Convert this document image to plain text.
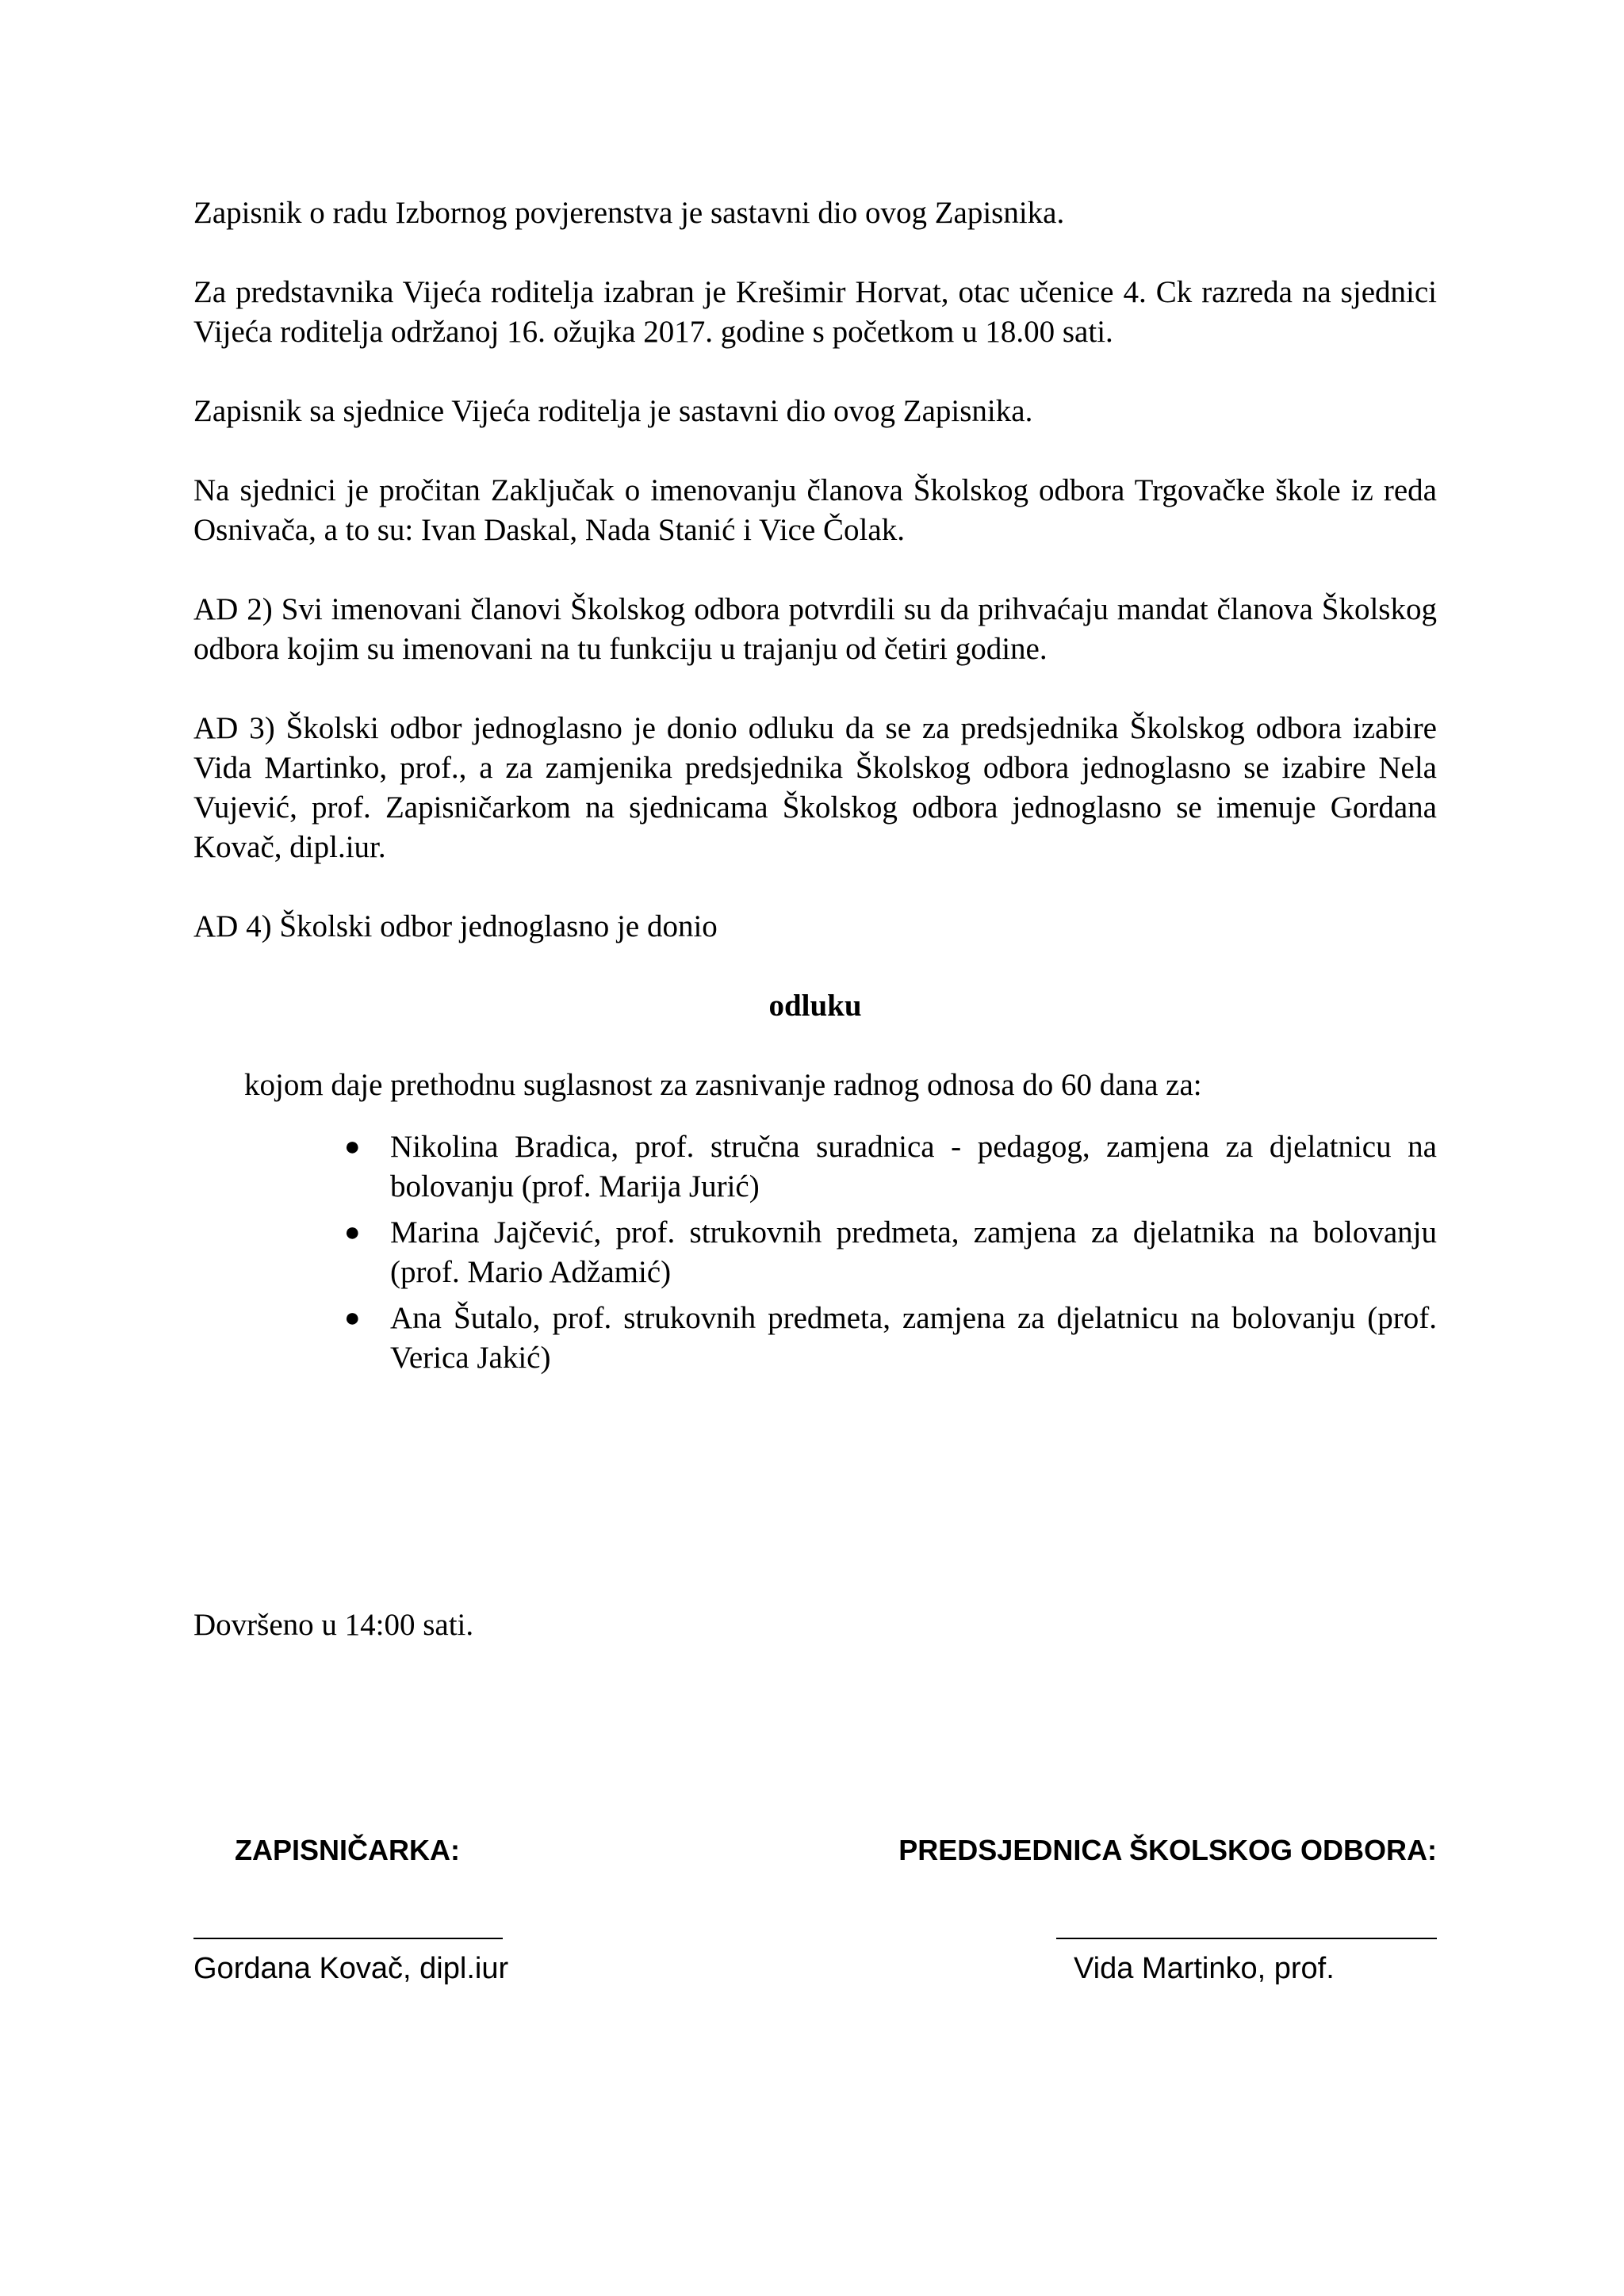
Zapisnik o radu Izbornog povjerenstva je sastavni dio ovog Zapisnika.

Za predstavnika Vijeća roditelja izabran je Krešimir Horvat, otac učenice 4. Ck razreda na sjednici Vijeća roditelja održanoj 16. ožujka 2017. godine s početkom u 18.00 sati.

Zapisnik sa sjednice Vijeća roditelja je sastavni dio ovog Zapisnika.

Na sjednici je pročitan Zaključak o imenovanju članova Školskog odbora Trgovačke škole iz reda Osnivača, a to su: Ivan Daskal, Nada Stanić i Vice Čolak.

AD 2) Svi imenovani članovi Školskog odbora potvrdili su da prihvaćaju mandat članova Školskog odbora kojim su imenovani na tu funkciju u trajanju od četiri godine.

AD 3) Školski odbor jednoglasno je donio odluku da se za predsjednika Školskog odbora izabire Vida Martinko, prof., a za zamjenika predsjednika Školskog odbora jednoglasno se izabire Nela Vujević, prof. Zapisničarkom na sjednicama Školskog odbora jednoglasno se imenuje Gordana Kovač, dipl.iur.

AD 4) Školski odbor jednoglasno je donio

odluku

kojom daje prethodnu suglasnost za zasnivanje radnog odnosa do 60 dana za:

● Nikolina Bradica, prof. stručna suradnica - pedagog, zamjena za djelatnicu na bolovanju (prof. Marija Jurić)
● Marina Jajčević, prof. strukovnih predmeta, zamjena za djelatnika na bolovanju (prof. Mario Adžamić)
● Ana Šutalo, prof. strukovnih predmeta, zamjena za djelatnicu na bolovanju (prof. Verica Jakić)
Dovršeno u 14:00 sati.
ZAPISNIČARKA:	PREDSJEDNICA ŠKOLSKOG ODBORA:
Gordana Kovač, dipl.iur	Vida Martinko, prof.
